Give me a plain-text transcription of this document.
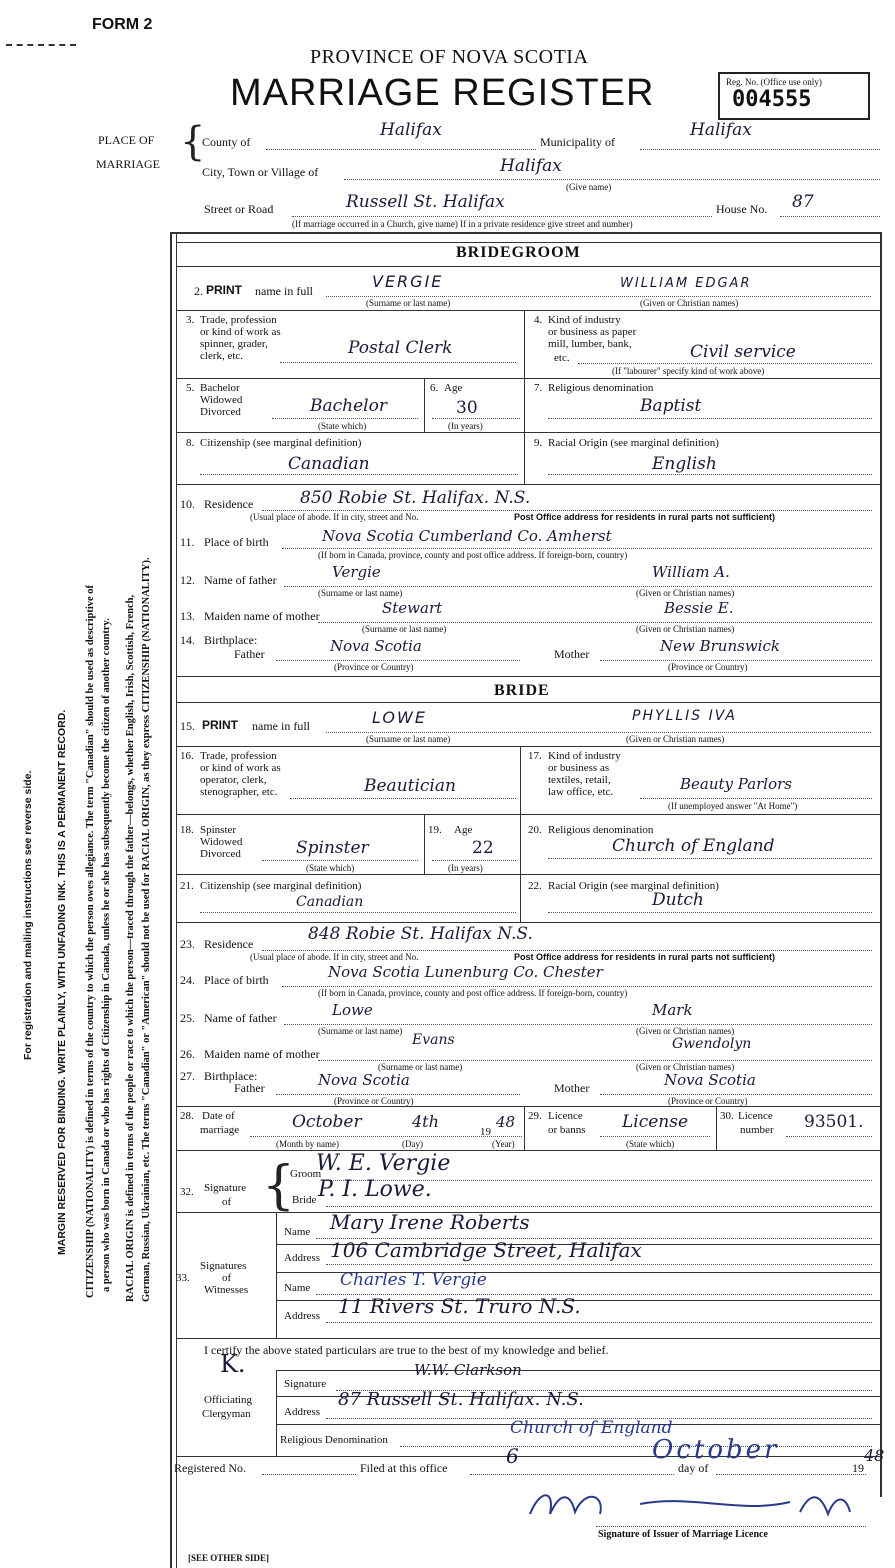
FORM 2
PROVINCE OF NOVA SCOTIA
MARRIAGE REGISTER	Reg. No. (Office use only)
004555
PLACE OF
MARRIAGE {
County of
Halifax
Municipality of
Halifax
City, Town or Village of	Halifax
(Give name)
Street or Road	Russell St. Halifax	House No. 87
(If marriage occurred in a Church, give name) If in a private residence give street and number)
For registration and mailing instructions see reverse side. MARGIN RESERVED FOR BINDING. WRITE PLAINLY, WITH UNFADING INK. THIS IS A PERMANENT RECORD. CITIZENSHIP (NATIONALITY) is defined in terms of the country to which the person owes allegiance. The term "Canadian" should be used as descriptive of a person who was born in Canada or who has rights of Citizenship in Canada, unless he or she has subsequently become the citizen of another country. RACIAL ORIGIN is defined in terms of the people or race to which the person—traced through the father—belongs, whether English, Irish, Scottish, French, German, Russian, Ukrainian, etc. The terms "Canadian" or "American" should not be used for RACIAL ORIGIN, as they express CITIZENSHIP (NATIONALITY).
BRIDEGROOM
2. PRINT name in full	VERGIE	WILLIAM EDGAR
(Surname or last name)	(Given or Christian names)
3. Trade, profession
or kind of work as
spinner, grader,
clerk, etc.	Postal Clerk
4. Kind of industry
or business as paper
mill, lumber, bank,
etc.	Civil service
(If "labourer" specify kind of work above)
5. Bachelor
Widowed
Divorced	Bachelor
(State which)
6. Age
30
(In years)
7. Religious denomination
Baptist
8. Citizenship (see marginal definition)
Canadian
9. Racial Origin (see marginal definition)
English
10. Residence	850 Robie St. Halifax. N.S.
(Usual place of abode. If in city, street and No.	Post Office address for residents in rural parts not sufficient)
11. Place of birth	Nova Scotia Cumberland Co. Amherst
(If born in Canada, province, county and post office address. If foreign-born, country)
12. Name of father	Vergie	William A.
(Surname or last name)	(Given or Christian names)
13. Maiden name of mother	Stewart	Bessie E.
(Surname or last name)	(Given or Christian names)
14. Birthplace:
Father	Nova Scotia	Mother	New Brunswick
(Province or Country)	(Province or Country)
BRIDE
15. PRINT name in full	LOWE	PHYLLIS IVA
(Surname or last name)	(Given or Christian names)
16. Trade, profession
or kind of work as
operator, clerk,
stenographer, etc.	Beautician
17. Kind of industry
or business as
textiles, retail,
law office, etc.	Beauty Parlors
(If unemployed answer "At Home")
18. Spinster
Widowed
Divorced	Spinster
(State which)
19. Age
22
(In years)
20. Religious denomination
Church of England
21. Citizenship (see marginal definition)
Canadian
22. Racial Origin (see marginal definition)
Dutch
23. Residence	848 Robie St. Halifax N.S.
(Usual place of abode. If in city, street and No.	Post Office address for residents in rural parts not sufficient)
24. Place of birth	Nova Scotia Lunenburg Co. Chester
(If born in Canada, province, county and post office address. If foreign-born, country)
25. Name of father	Lowe	Mark
(Surname or last name)	(Given or Christian names)
26. Maiden name of mother
Evans	Gwendolyn
(Surname or last name)	(Given or Christian names)
27. Birthplace:
Father	Nova Scotia	Mother	Nova Scotia
(Province or Country)	(Province or Country)
28. Date of
marriage	October	4th
19
48
(Month by name)	(Day)	(Year)
29. Licence
or banns License
(State which)
30. Licence
number 93501.
32. Signature
of {
Groom
W. E. Vergie
Bride P. I. Lowe.
33.
Signatures
of
Witnesses
Name Mary Irene Roberts
Address 106 Cambridge Street, Halifax
Name Charles T. Vergie
Address 11 Rivers St. Truro N.S.
I certify the above stated particulars are true to the best of my knowledge and belief.
K.
Officiating
Clergyman
Signature
W.W. Clarkson
Address
87 Russell St. Halifax. N.S.
Religious Denomination
Church of England
Registered No.	Filed at this office	6	day of
October
19
48
Signature of Issuer of Marriage Licence
[SEE OTHER SIDE]
